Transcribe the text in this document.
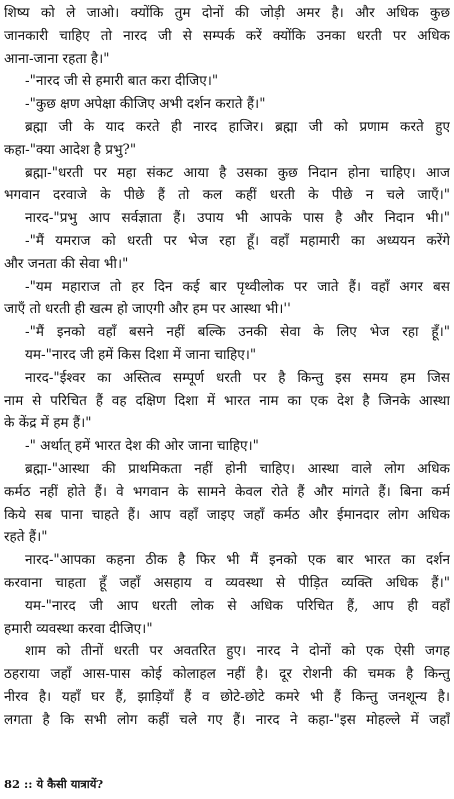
शिष्य को ले जाओ। क्योंकि तुम दोनों की जोड़ी अमर है। और अधिक कुछ
जानकारी चाहिए तो नारद जी से सम्पर्क करें क्योंकि उनका धरती पर अधिक
आना-जाना रहता है।"
-"नारद जी से हमारी बात करा दीजिए।"
-"कुछ क्षण अपेक्षा कीजिए अभी दर्शन कराते हैं।"
ब्रह्मा जी के याद करते ही नारद हाजिर। ब्रह्मा जी को प्रणाम करते हुए
कहा-"क्या आदेश है प्रभु?"
ब्रह्मा-"धरती पर महा संकट आया है उसका कुछ निदान होना चाहिए। आज
भगवान दरवाजे के पीछे हैं तो कल कहीं धरती के पीछे न चले जाएँ।"
नारद-"प्रभु आप सर्वज्ञाता हैं। उपाय भी आपके पास है और निदान भी।"
-"मैं यमराज को धरती पर भेज रहा हूँ। वहाँ महामारी का अध्ययन करेंगे
और जनता की सेवा भी।"
-"यम महाराज तो हर दिन कई बार पृथ्वीलोक पर जाते हैं। वहाँ अगर बस
जाएँ तो धरती ही खत्म हो जाएगी और हम पर आस्था भी।''
-"मैं इनको वहाँ बसने नहीं बल्कि उनकी सेवा के लिए भेज रहा हूँ।"
यम-"नारद जी हमें किस दिशा में जाना चाहिए।"
नारद-"ईश्वर का अस्तित्व सम्पूर्ण धरती पर है किन्तु इस समय हम जिस
नाम से परिचित हैं वह दक्षिण दिशा में भारत नाम का एक देश है जिनके आस्था
के केंद्र में हम हैं।"
-" अर्थात् हमें भारत देश की ओर जाना चाहिए।"
ब्रह्मा-"आस्था की प्राथमिकता नहीं होनी चाहिए। आस्था वाले लोग अधिक
कर्मठ नहीं होते हैं। वे भगवान के सामने केवल रोते हैं और मांगते हैं। बिना कर्म
किये सब पाना चाहते हैं। आप वहाँ जाइए जहाँ कर्मठ और ईमानदार लोग अधिक
रहते हैं।"
नारद-"आपका कहना ठीक है फिर भी मैं इनको एक बार भारत का दर्शन
करवाना चाहता हूँ जहाँ असहाय व व्यवस्था से पीड़ित व्यक्ति अधिक हैं।"
यम-"नारद जी आप धरती लोक से अधिक परिचित हैं, आप ही वहाँ
हमारी व्यवस्था करवा दीजिए।"
शाम को तीनों धरती पर अवतरित हुए। नारद ने दोनों को एक ऐसी जगह
ठहराया जहाँ आस-पास कोई कोलाहल नहीं है। दूर रोशनी की चमक है किन्तु
नीरव है। यहाँ घर हैं, झाड़ियाँ हैं व छोटे-छोटे कमरे भी हैं किन्तु जनशून्य है।
लगता है कि सभी लोग कहीं चले गए हैं। नारद ने कहा-"इस मोहल्ले में जहाँ
82 :: ये कैसी यात्रायें?
